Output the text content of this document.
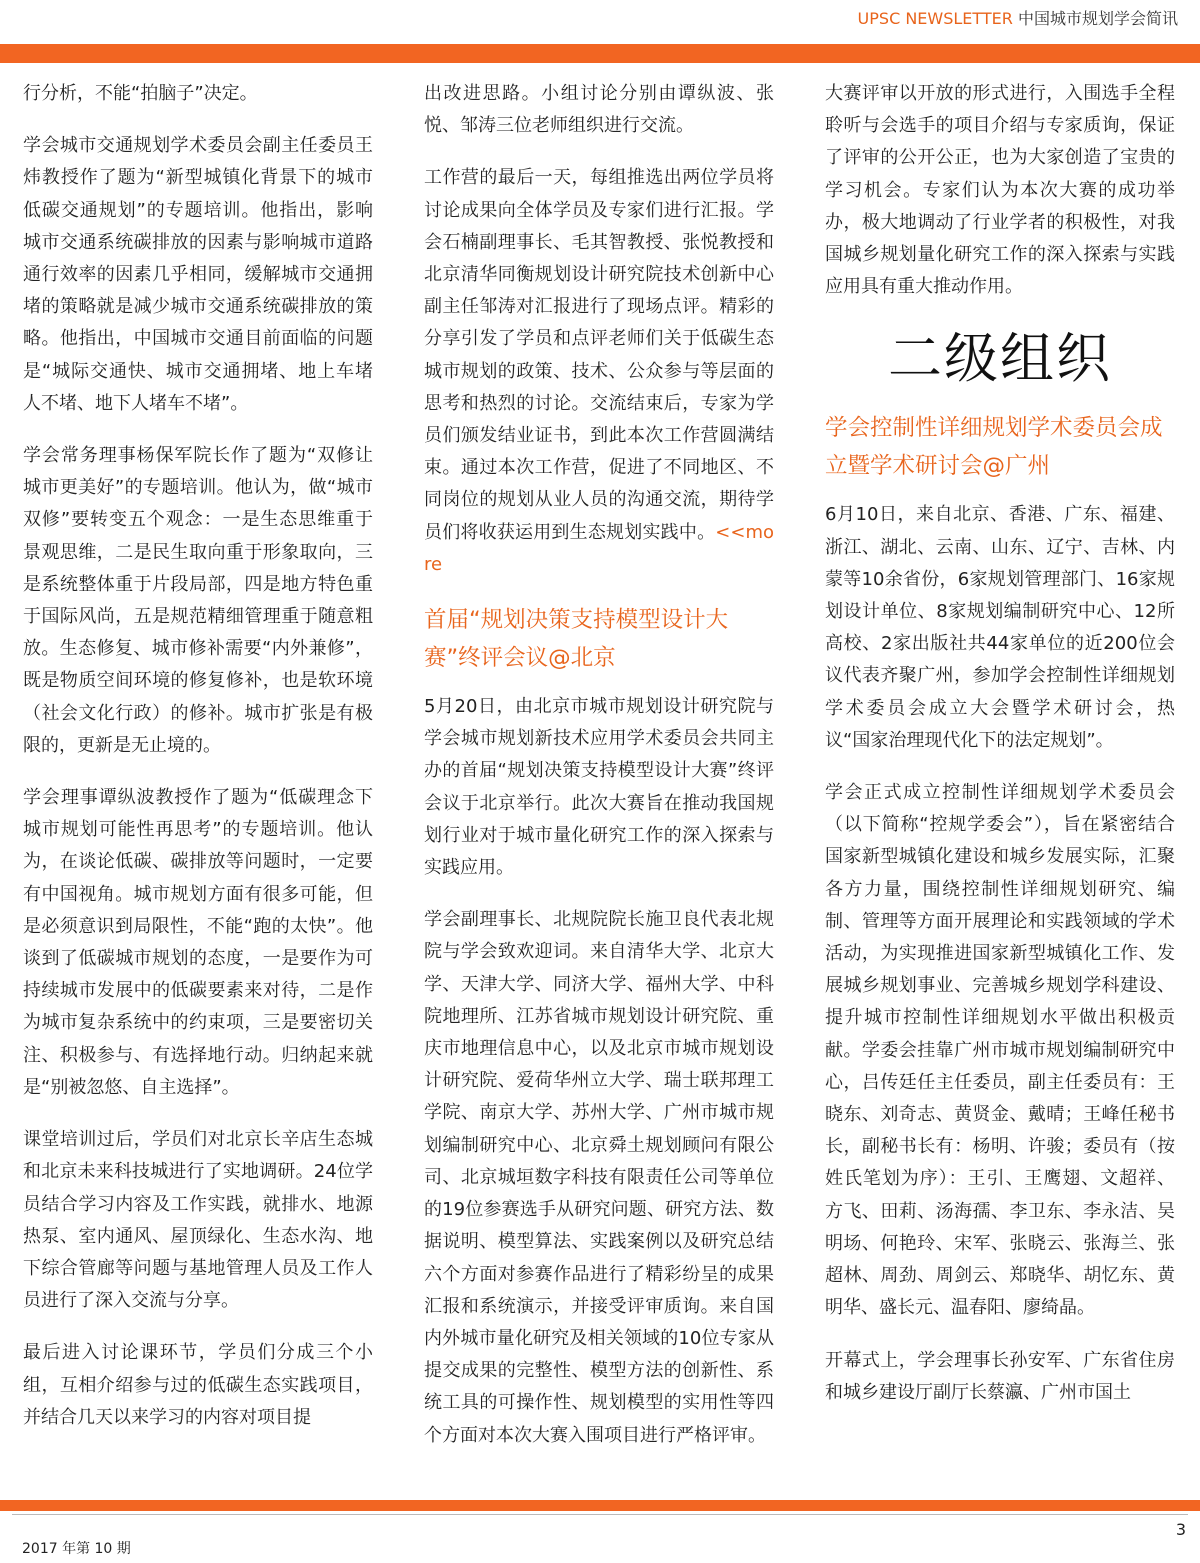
UPSC NEWSLETTER 中国城市规划学会简讯

行分析，不能“拍脑子”决定。

学会城市交通规划学术委员会副主任委员王炜教授作了题为“新型城镇化背景下的城市低碳交通规划”的专题培训。他指出，影响城市交通系统碳排放的因素与影响城市道路通行效率的因素几乎相同，缓解城市交通拥堵的策略就是减少城市交通系统碳排放的策略。他指出，中国城市交通目前面临的问题是“城际交通快、城市交通拥堵、地上车堵人不堵、地下人堵车不堵”。

学会常务理事杨保军院长作了题为“双修让城市更美好”的专题培训。他认为，做“城市双修”要转变五个观念：一是生态思维重于景观思维，二是民生取向重于形象取向，三是系统整体重于片段局部，四是地方特色重于国际风尚，五是规范精细管理重于随意粗放。生态修复、城市修补需要“内外兼修”，既是物质空间环境的修复修补，也是软环境（社会文化行政）的修补。城市扩张是有极限的，更新是无止境的。

学会理事谭纵波教授作了题为“低碳理念下城市规划可能性再思考”的专题培训。他认为，在谈论低碳、碳排放等问题时，一定要有中国视角。城市规划方面有很多可能，但是必须意识到局限性，不能“跑的太快”。他谈到了低碳城市规划的态度，一是要作为可持续城市发展中的低碳要素来对待，二是作为城市复杂系统中的约束项，三是要密切关注、积极参与、有选择地行动。归纳起来就是“别被忽悠、自主选择”。

课堂培训过后，学员们对北京长辛店生态城和北京未来科技城进行了实地调研。24位学员结合学习内容及工作实践，就排水、地源热泵、室内通风、屋顶绿化、生态水沟、地下综合管廊等问题与基地管理人员及工作人员进行了深入交流与分享。

最后进入讨论课环节，学员们分成三个小组，互相介绍参与过的低碳生态实践项目，并结合几天以来学习的内容对项目提

出改进思路。小组讨论分别由谭纵波、张悦、邹涛三位老师组织进行交流。

工作营的最后一天，每组推选出两位学员将讨论成果向全体学员及专家们进行汇报。学会石楠副理事长、毛其智教授、张悦教授和北京清华同衡规划设计研究院技术创新中心副主任邹涛对汇报进行了现场点评。精彩的分享引发了学员和点评老师们关于低碳生态城市规划的政策、技术、公众参与等层面的思考和热烈的讨论。交流结束后，专家为学员们颁发结业证书，到此本次工作营圆满结束。通过本次工作营，促进了不同地区、不同岗位的规划从业人员的沟通交流，期待学员们将收获运用到生态规划实践中。<<more

首届“规划决策支持模型设计大赛”终评会议@北京

5月20日，由北京市城市规划设计研究院与学会城市规划新技术应用学术委员会共同主办的首届“规划决策支持模型设计大赛”终评会议于北京举行。此次大赛旨在推动我国规划行业对于城市量化研究工作的深入探索与实践应用。

学会副理事长、北规院院长施卫良代表北规院与学会致欢迎词。来自清华大学、北京大学、天津大学、同济大学、福州大学、中科院地理所、江苏省城市规划设计研究院、重庆市地理信息中心，以及北京市城市规划设计研究院、爱荷华州立大学、瑞士联邦理工学院、南京大学、苏州大学、广州市城市规划编制研究中心、北京舜土规划顾问有限公司、北京城垣数字科技有限责任公司等单位的19位参赛选手从研究问题、研究方法、数据说明、模型算法、实践案例以及研究总结六个方面对参赛作品进行了精彩纷呈的成果汇报和系统演示，并接受评审质询。来自国内外城市量化研究及相关领域的10位专家从提交成果的完整性、模型方法的创新性、系统工具的可操作性、规划模型的实用性等四个方面对本次大赛入围项目进行严格评审。

大赛评审以开放的形式进行，入围选手全程聆听与会选手的项目介绍与专家质询，保证了评审的公开公正，也为大家创造了宝贵的学习机会。专家们认为本次大赛的成功举办，极大地调动了行业学者的积极性，对我国城乡规划量化研究工作的深入探索与实践应用具有重大推动作用。

二级组织
学会控制性详细规划学术委员会成立暨学术研讨会@广州

6月10日，来自北京、香港、广东、福建、浙江、湖北、云南、山东、辽宁、吉林、内蒙等10余省份，6家规划管理部门、16家规划设计单位、8家规划编制研究中心、12所高校、2家出版社共44家单位的近200位会议代表齐聚广州，参加学会控制性详细规划学术委员会成立大会暨学术研讨会，热议“国家治理现代化下的法定规划”。

学会正式成立控制性详细规划学术委员会（以下简称“控规学委会”），旨在紧密结合国家新型城镇化建设和城乡发展实际，汇聚各方力量，围绕控制性详细规划研究、编制、管理等方面开展理论和实践领域的学术活动，为实现推进国家新型城镇化工作、发展城乡规划事业、完善城乡规划学科建设、提升城市控制性详细规划水平做出积极贡献。学委会挂靠广州市城市规划编制研究中心，吕传廷任主任委员，副主任委员有：王晓东、刘奇志、黄贤金、戴晴；王峰任秘书长，副秘书长有：杨明、许骏；委员有（按姓氏笔划为序）：王引、王鹰翅、文超祥、方飞、田莉、汤海孺、李卫东、李永洁、吴明场、何艳玲、宋军、张晓云、张海兰、张超林、周劲、周剑云、郑晓华、胡忆东、黄明华、盛长元、温春阳、廖绮晶。

开幕式上，学会理事长孙安军、广东省住房和城乡建设厅副厅长蔡瀛、广州市国土

2017 年第 10 期
3
